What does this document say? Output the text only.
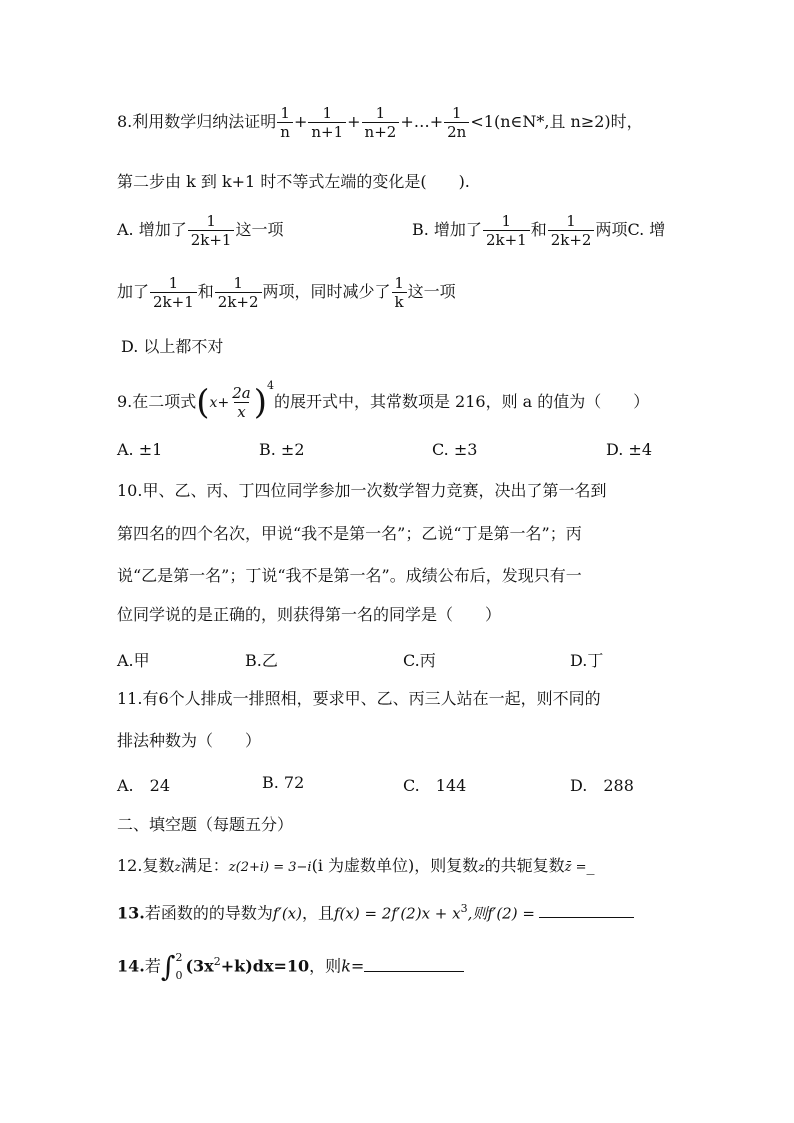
8.利用数学归纳法证明 $\frac{1}{n} + \frac{1}{n+1} + \frac{1}{n+2}$ +…+ $\frac{1}{2n}$ <1(n∈N*,且 n≥2)时，
第二步由 k 到 k+1 时不等式左端的变化是(　　).
A. 增加了 $\frac{1}{2k+1}$ 这一项	B. 增加了 $\frac{1}{2k+1}$ 和 $\frac{1}{2k+2}$ 两项C. 增
加了 $\frac{1}{2k+1}$ 和 $\frac{1}{2k+2}$ 两项，同时减少了 $\frac{1}{k}$ 这一项
D. 以上都不对
9.在二项式$(x+ \frac{2a}{x} )^4$的展开式中，其常数项是 216，则 a 的值为（　　）
A. ±1	B. ±2	C. ±3	D. ±4
10.甲、乙、丙、丁四位同学参加一次数学智力竞赛，决出了第一名到
第四名的四个名次，甲说“我不是第一名”；乙说“丁是第一名”；丙
说“乙是第一名”；丁说“我不是第一名”。成绩公布后，发现只有一
位同学说的是正确的，则获得第一名的同学是（　　）
A.甲	B.乙	C.丙	D.丁
11.有6个人排成一排照相，要求甲、乙、丙三人站在一起，则不同的
排法种数为（　　）
A.　24	B. 72	C.　144	D.　288
二、填空题（每题五分）
12.复数z满足：z(2+i) = 3−i(i 为虚数单位)，则复数z的共轭复数z̄ =_
13.若函数的的导数为f′(x)，且$f(x) = 2f'(2)x + x^3$,则f′(2) =
14.若∫ 2
0 $(3x^2+k)dx=10$，则k=
